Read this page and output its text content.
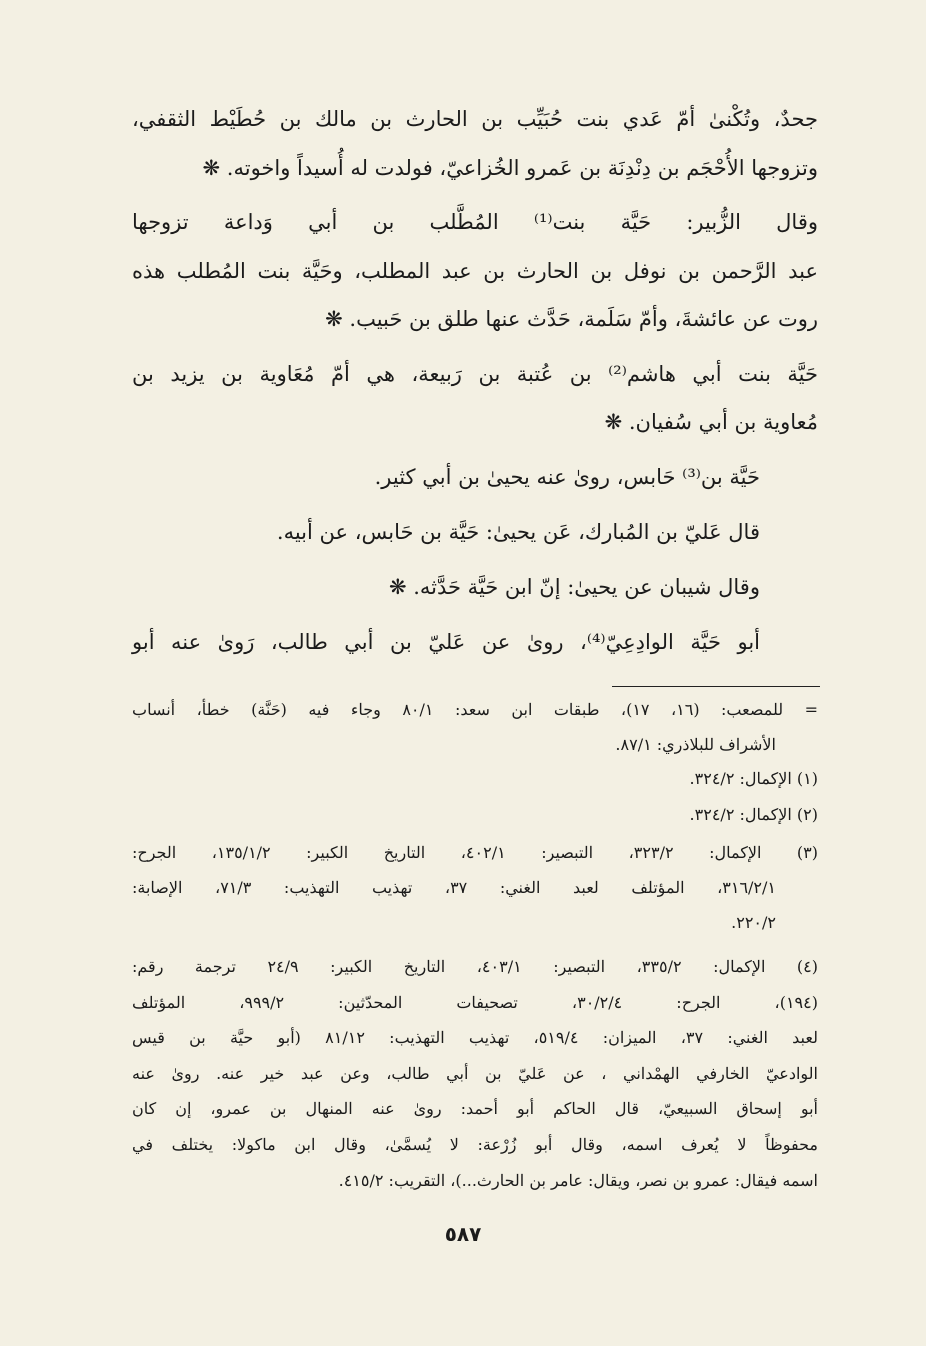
جحدٌ، وتُكْنىٰ أمّ عَدي بنت حُبَيِّب بن الحارث بن مالك بن حُطَيْط الثقفي،
وتزوجها الأُحْجَم بن دِنْدِنَة بن عَمرو الخُزاعيّ، فولدت له أُسيداً واخوته. ❋
وقال الزُّبير: حَيَّة بنت⁽¹⁾ المُطَّلب بن أبي وَداعة تزوجها
عبد الرَّحمن بن نوفل بن الحارث بن عبد المطلب، وحَيَّة بنت المُطلب هذه
روت عن عائشةَ، وأمّ سَلَمة، حَدَّث عنها طلق بن حَبيب. ❋
حَيَّة بنت أبي هاشم⁽²⁾ بن عُتبة بن رَبيعة، هي أمّ مُعَاوية بن يزيد بن
مُعاوية بن أبي سُفيان. ❋
حَيَّة بن⁽³⁾ حَابس، روىٰ عنه يحيىٰ بن أبي كثير.
قال عَليّ بن المُبارك، عَن يحيىٰ: حَيَّة بن حَابس، عن أبيه.
وقال شيبان عن يحيىٰ: إنّ ابن حَيَّة حَدَّثه. ❋
أبو حَيَّة الوادِعِيّ⁽⁴⁾، روىٰ عن عَليّ بن أبي طالب، رَوىٰ عنه أبو
= للمصعب: (١٦، ١٧)، طبقات ابن سعد: ٨٠/١ وجاء فيه (حَنَّة) خطأ، أنساب
الأشراف للبلاذري: ٨٧/١.
(١) الإكمال: ٣٢٤/٢.
(٢) الإكمال: ٣٢٤/٢.
(٣) الإكمال: ٣٢٣/٢، التبصير: ٤٠٢/١، التاريخ الكبير: ١٣٥/١/٢، الجرح:
٣١٦/٢/١، المؤتلف لعبد الغني: ٣٧، تهذيب التهذيب: ٧١/٣، الإصابة:
٢٢٠/٢.
(٤) الإكمال: ٣٣٥/٢، التبصير: ٤٠٣/١، التاريخ الكبير: ٢٤/٩ ترجمة رقم:
(١٩٤)، الجرح: ٣٠/٢/٤، تصحيفات المحدّثين: ٩٩٩/٢، المؤتلف
لعبد الغني: ٣٧، الميزان: ٥١٩/٤، تهذيب التهذيب: ٨١/١٢ (أبو حيَّة بن قيس
الوادعيّ الخارفي الهمْداني ، عن عَليّ بن أبي طالب، وعن عبد خير عنه. روىٰ عنه
أبو إسحاق السبيعيّ، قال الحاكم أبو أحمد: روىٰ عنه المنهال بن عمرو، إن كان
محفوظاً لا يُعرف اسمه، وقال أبو زُرْعة: لا يُسمَّىٰ، وقال ابن ماكولا: يختلف في
اسمه فيقال: عمرو بن نصر، ويقال: عامر بن الحارث...)، التقريب: ٤١٥/٢.
٥٨٧
